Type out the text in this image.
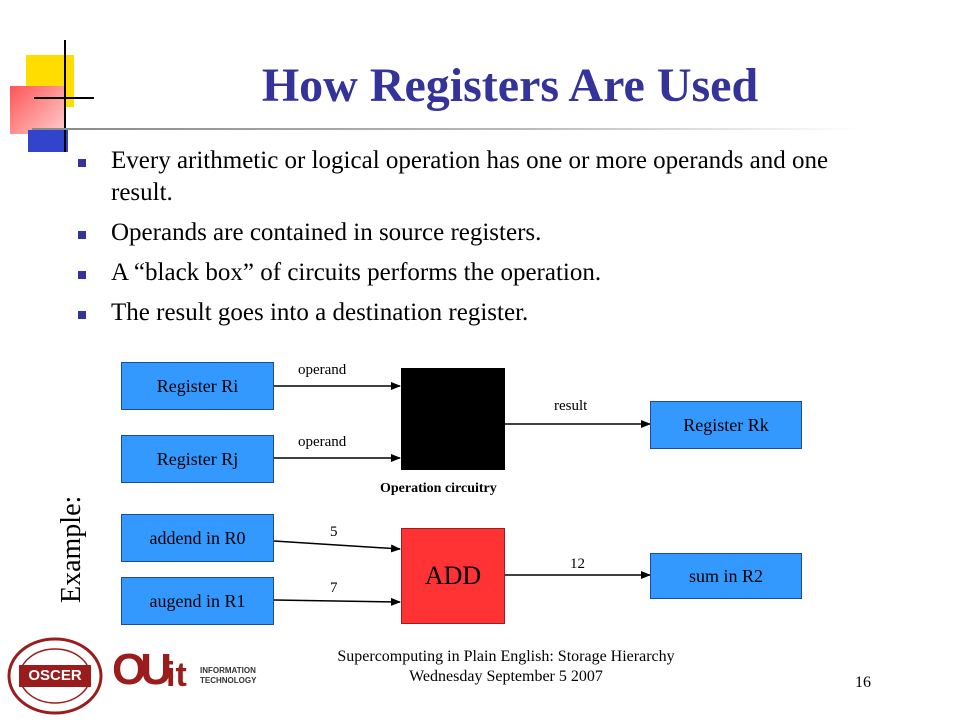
How Registers Are Used
Every arithmetic or logical operation has one or more operands and one result.
Operands are contained in source registers.
A “black box” of circuits performs the operation.
The result goes into a destination register.
Register Ri
Register Rj
Register Rk
operand
operand
result
Operation circuitry
Example:	addend in R0
augend in R1
ADD	sum in R2
5
7
12
OSCER OU it INFORMATION
TECHNOLOGY
Supercomputing in Plain English: Storage Hierarchy
Wednesday September 5 2007	16
